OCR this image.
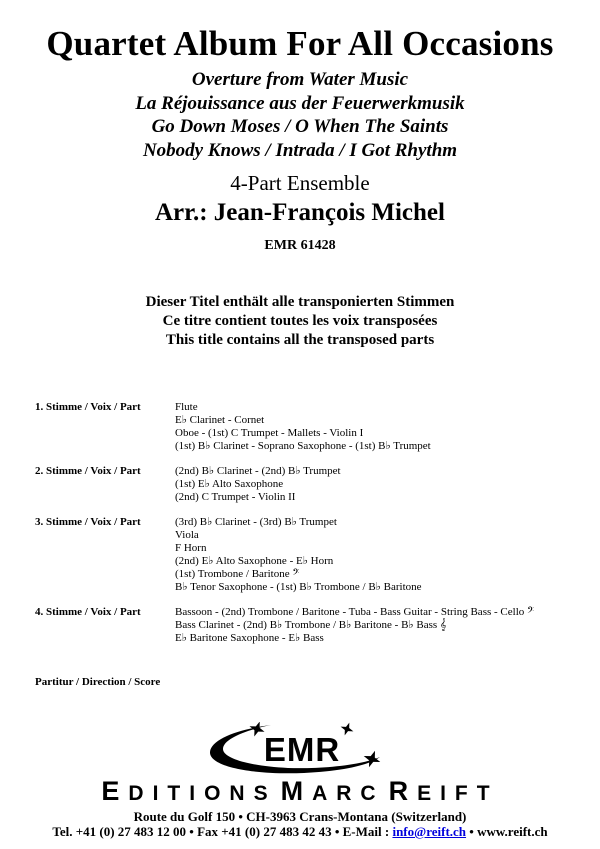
Quartet Album For All Occasions
Overture from Water Music
La Réjouissance aus der Feuerwerkmusik
Go Down Moses / O When The Saints
Nobody Knows / Intrada / I Got Rhythm
4-Part Ensemble
Arr.: Jean-François Michel
EMR 61428
Dieser Titel enthält alle transponierten Stimmen
Ce titre contient toutes les voix transposées
This title contains all the transposed parts
1. Stimme / Voix / Part	Flute
E♭ Clarinet - Cornet
Oboe - (1st) C Trumpet - Mallets - Violin I
(1st) B♭ Clarinet - Soprano Saxophone - (1st) B♭ Trumpet
2. Stimme / Voix / Part	(2nd) B♭ Clarinet - (2nd) B♭ Trumpet
(1st) E♭ Alto Saxophone
(2nd) C Trumpet - Violin II
3. Stimme / Voix / Part	(3rd) B♭ Clarinet - (3rd) B♭ Trumpet
Viola
F Horn
(2nd) E♭ Alto Saxophone - E♭ Horn
(1st) Trombone / Baritone 𝄢
B♭ Tenor Saxophone - (1st) B♭ Trombone / B♭ Baritone
4. Stimme / Voix / Part	Bassoon - (2nd) Trombone / Baritone - Tuba - Bass Guitar - String Bass - Cello 𝄢
Bass Clarinet - (2nd) B♭ Trombone / B♭ Baritone - B♭ Bass 𝄞
E♭ Baritone Saxophone - E♭ Bass
Partitur / Direction / Score
EMR
EDITIONS MARC REIFT
Route du Golf 150 • CH-3963 Crans-Montana (Switzerland)
Tel. +41 (0) 27 483 12 00 • Fax +41 (0) 27 483 42 43 • E-Mail : info@reift.ch • www.reift.ch
